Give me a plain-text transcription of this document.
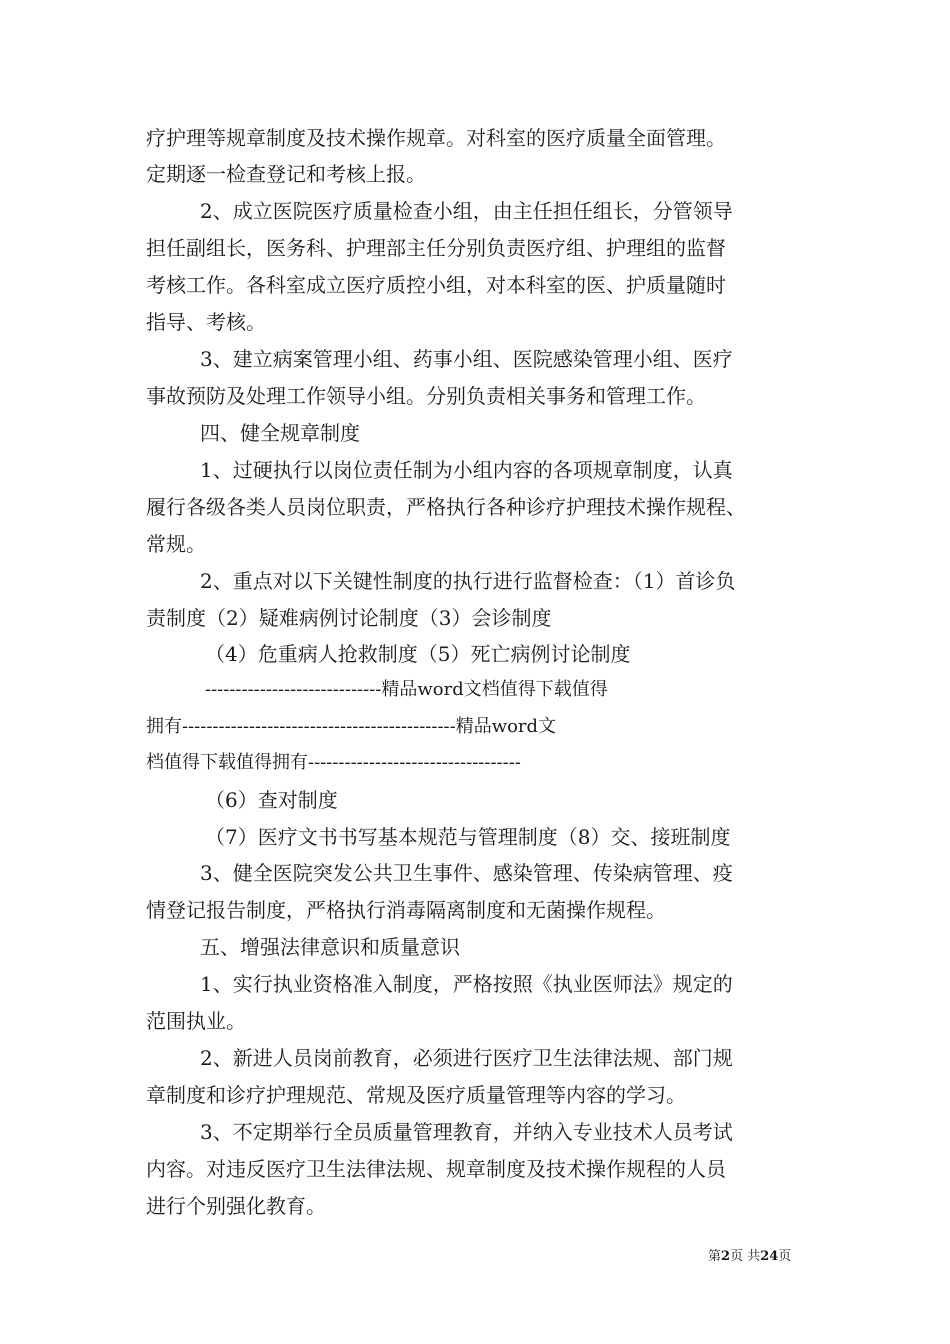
疗护理等规章制度及技术操作规章。对科室的医疗质量全面管理。
定期逐一检查登记和考核上报。
2、成立医院医疗质量检查小组，由主任担任组长，分管领导
担任副组长，医务科、护理部主任分别负责医疗组、护理组的监督
考核工作。各科室成立医疗质控小组，对本科室的医、护质量随时
指导、考核。
3、建立病案管理小组、药事小组、医院感染管理小组、医疗
事故预防及处理工作领导小组。分别负责相关事务和管理工作。
四、健全规章制度
1、过硬执行以岗位责任制为小组内容的各项规章制度，认真
履行各级各类人员岗位职责，严格执行各种诊疗护理技术操作规程、
常规。
2、重点对以下关键性制度的执行进行监督检查：（1）首诊负
责制度（2）疑难病例讨论制度（3）会诊制度
（4）危重病人抢救制度（5）死亡病例讨论制度
-----------------------------精品word文档值得下载值得
拥有---------------------------------------------精品word文
档值得下载值得拥有-----------------------------------
（6）查对制度
（7）医疗文书书写基本规范与管理制度（8）交、接班制度
3、健全医院突发公共卫生事件、感染管理、传染病管理、疫
情登记报告制度，严格执行消毒隔离制度和无菌操作规程。
五、增强法律意识和质量意识
1、实行执业资格准入制度，严格按照《执业医师法》规定的
范围执业。
2、新进人员岗前教育，必须进行医疗卫生法律法规、部门规
章制度和诊疗护理规范、常规及医疗质量管理等内容的学习。
3、不定期举行全员质量管理教育，并纳入专业技术人员考试
内容。对违反医疗卫生法律法规、规章制度及技术操作规程的人员
进行个别强化教育。
第2页 共24页
